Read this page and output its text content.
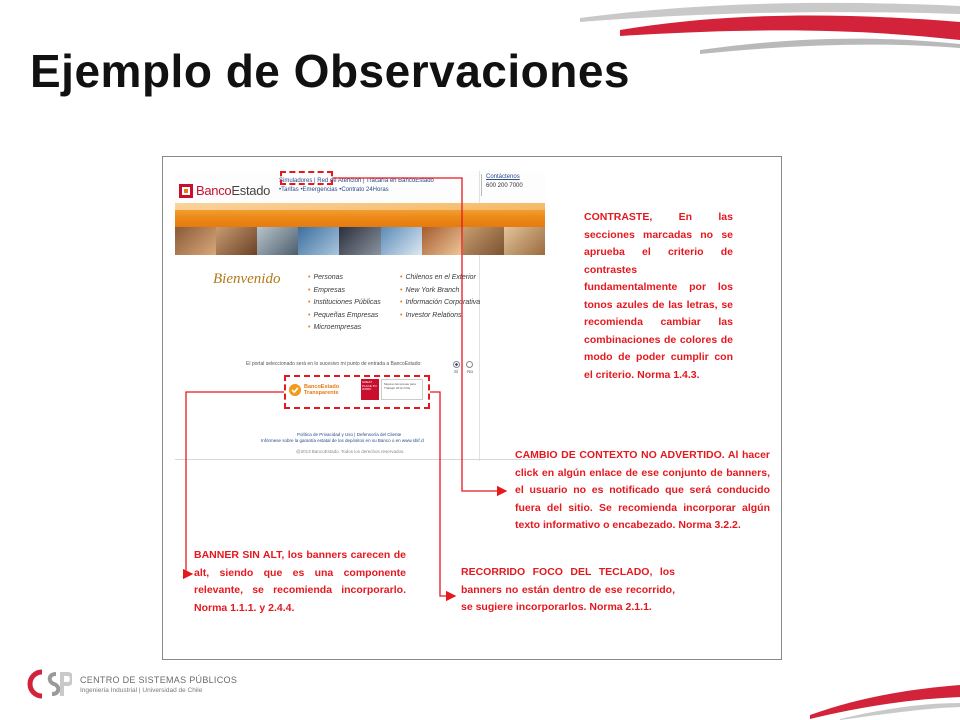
Ejemplo de Observaciones
BancoEstado
Simuladores | Red de Atención | Tracaría en BancoEstado
•Tarifas •Emergencias •Contrato 24Horas
Contáctenos
600 200 7000
Bienvenido	• Personas
• Empresas
• Instituciones Públicas
• Pequeñas Empresas
• Microempresas
• Chilenos en el Exterior
• New York Branch
• Información Corporativa
• Investor Relations
El portal seleccionado será en lo sucesivo mi punto de entrada a BancoEstado:
Sí No
BancoEstado
Transparente
GREAT PLACE TO WORK
Mejores Empresas para Trabajar 2012 Chile
Política de Privacidad y Uso | Defensoría del Cliente
Infórmese sobre la garantía estatal de los depósitos en su Banco o en www.sbif.cl
@2013 BancoEstado. Todos los derechos reservados.
CONTRASTE, En las secciones marcadas no se aprueba el criterio de contrastes fundamentalmente por los tonos azules de las letras, se recomienda cambiar las combinaciones de colores de modo de poder cumplir con el criterio. Norma 1.4.3.
CAMBIO DE CONTEXTO NO ADVERTIDO. Al hacer click en algún enlace de ese conjunto de banners, el usuario no es notificado que será conducido fuera del sitio. Se recomienda incorporar algún texto informativo o encabezado. Norma 3.2.2.
BANNER SIN ALT, los banners carecen de alt, siendo que es una componente relevante, se recomienda incorporarlo. Norma 1.1.1. y 2.4.4.
RECORRIDO FOCO DEL TECLADO, los banners no están dentro de ese recorrido, se sugiere incorporarlos. Norma 2.1.1.
CENTRO DE SISTEMAS PÚBLICOS
Ingeniería Industrial | Universidad de Chile
